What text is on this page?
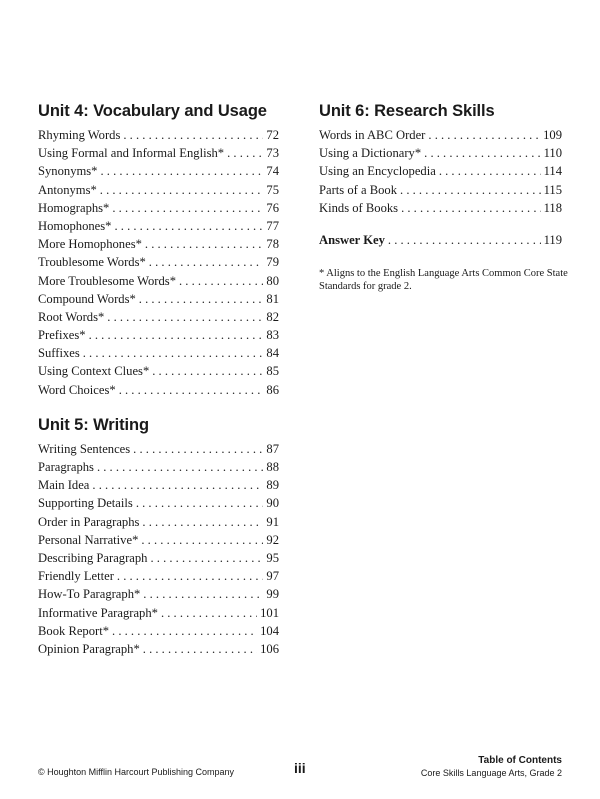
Unit 4: Vocabulary and Usage
Rhyming Words . . .	72
Using Formal and Informal English* . . .	73
Synonyms* . . .	74
Antonyms* . . .	75
Homographs* . . .	76
Homophones* . . .	77
More Homophones* . . .	78
Troublesome Words* . . .	79
More Troublesome Words* . . .	80
Compound Words* . . .	81
Root Words* . . .	82
Prefixes* . . .	83
Suffixes . . .	84
Using Context Clues* . . .	85
Word Choices* . . .	86
Unit 5: Writing
Writing Sentences . . .	87
Paragraphs . . .	88
Main Idea . . .	89
Supporting Details . . .	90
Order in Paragraphs . . .	91
Personal Narrative* . . .	92
Describing Paragraph . . .	95
Friendly Letter . . .	97
How-To Paragraph* . . .	99
Informative Paragraph* . . .	101
Book Report* . . .	104
Opinion Paragraph* . . .	106
Unit 6: Research Skills
Words in ABC Order . . .	109
Using a Dictionary* . . .	110
Using an Encyclopedia . . .	114
Parts of a Book . . .	115
Kinds of Books . . .	118
Answer Key . . .	119
* Aligns to the English Language Arts Common Core State Standards for grade 2.
© Houghton Mifflin Harcourt Publishing Company	iii	Table of Contents
Core Skills Language Arts, Grade 2
